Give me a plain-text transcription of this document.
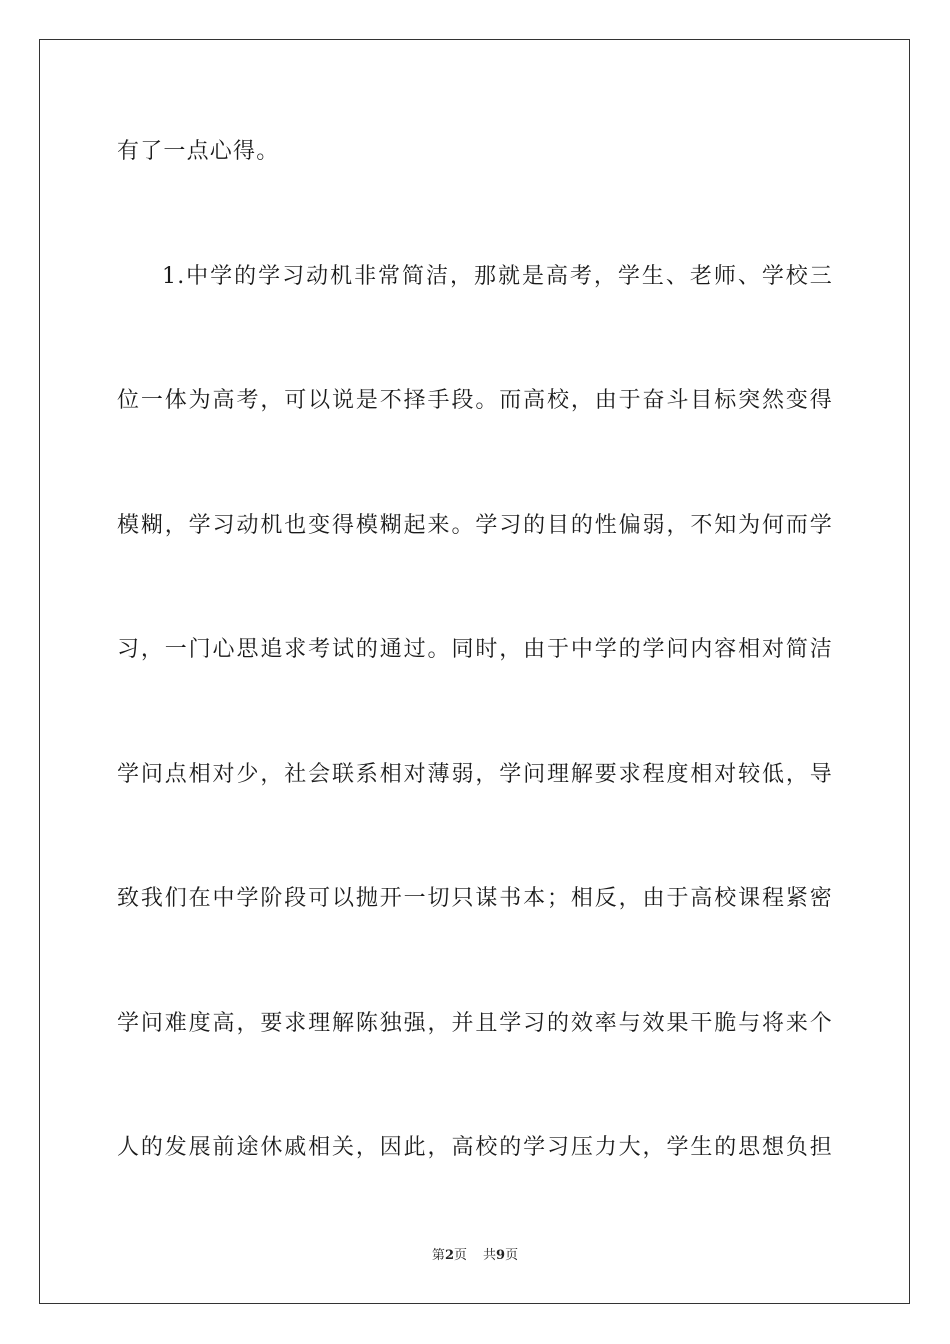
有了一点心得。
1.中学的学习动机非常简洁，那就是高考，学生、老师、学校三
位一体为高考，可以说是不择手段。而高校，由于奋斗目标突然变得
模糊，学习动机也变得模糊起来。学习的目的性偏弱，不知为何而学
习，一门心思追求考试的通过。同时，由于中学的学问内容相对简洁
学问点相对少，社会联系相对薄弱，学问理解要求程度相对较低，导
致我们在中学阶段可以抛开一切只谋书本；相反，由于高校课程紧密
学问难度高，要求理解陈独强，并且学习的效率与效果干脆与将来个
人的发展前途休戚相关，因此，高校的学习压力大，学生的思想负担
第2页 共9页
